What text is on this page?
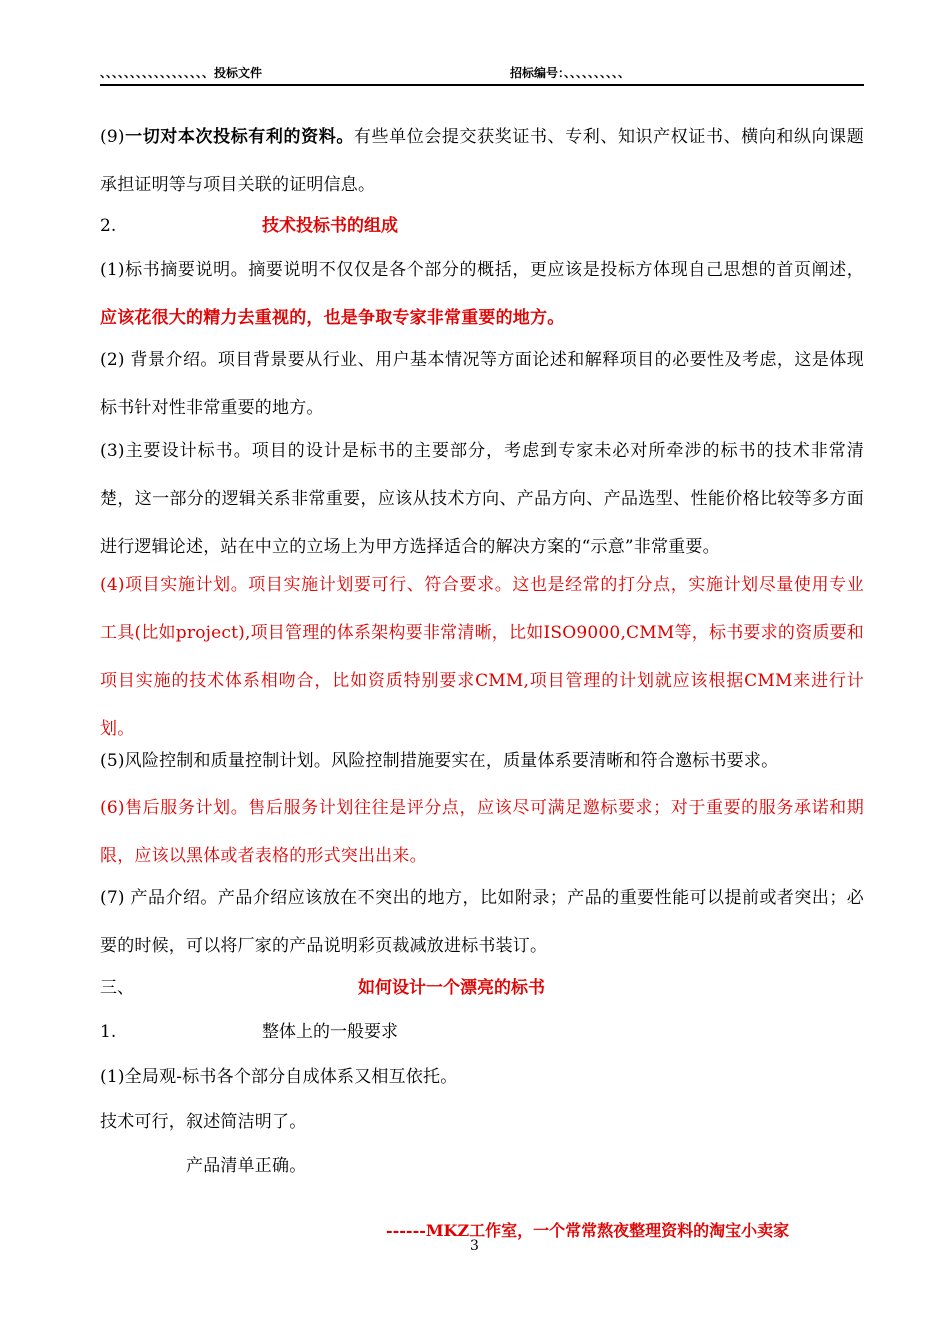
、、、、、、、、、、、、、、、、、、投标文件	招标编号：、、、、、、、、、、

(9)一切对本次投标有利的资料。有些单位会提交获奖证书、专利、知识产权证书、横向和纵向课题承担证明等与项目关联的证明信息。

2.	技术投标书的组成

(1)标书摘要说明。摘要说明不仅仅是各个部分的概括，更应该是投标方体现自己思想的首页阐述，应该花很大的精力去重视的，也是争取专家非常重要的地方。

(2) 背景介绍。项目背景要从行业、用户基本情况等方面论述和解释项目的必要性及考虑，这是体现标书针对性非常重要的地方。

(3)主要设计标书。项目的设计是标书的主要部分，考虑到专家未必对所牵涉的标书的技术非常清楚，这一部分的逻辑关系非常重要，应该从技术方向、产品方向、产品选型、性能价格比较等多方面进行逻辑论述，站在中立的立场上为甲方选择适合的解决方案的“示意”非常重要。

(4)项目实施计划。项目实施计划要可行、符合要求。这也是经常的打分点，实施计划尽量使用专业工具(比如project),项目管理的体系架构要非常清晰，比如ISO9000,CMM等，标书要求的资质要和项目实施的技术体系相吻合，比如资质特别要求CMM,项目管理的计划就应该根据CMM来进行计划。

(5)风险控制和质量控制计划。风险控制措施要实在，质量体系要清晰和符合邀标书要求。

(6)售后服务计划。售后服务计划往往是评分点，应该尽可满足邀标要求；对于重要的服务承诺和期限，应该以黑体或者表格的形式突出出来。

(7) 产品介绍。产品介绍应该放在不突出的地方，比如附录；产品的重要性能可以提前或者突出；必要的时候，可以将厂家的产品说明彩页裁减放进标书装订。

三、	如何设计一个漂亮的标书
1.	整体上的一般要求

(1)全局观-标书各个部分自成体系又相互依托。

技术可行，叙述简洁明了。

产品清单正确。

------MKZ工作室，一个常常熬夜整理资料的淘宝小卖家
3
